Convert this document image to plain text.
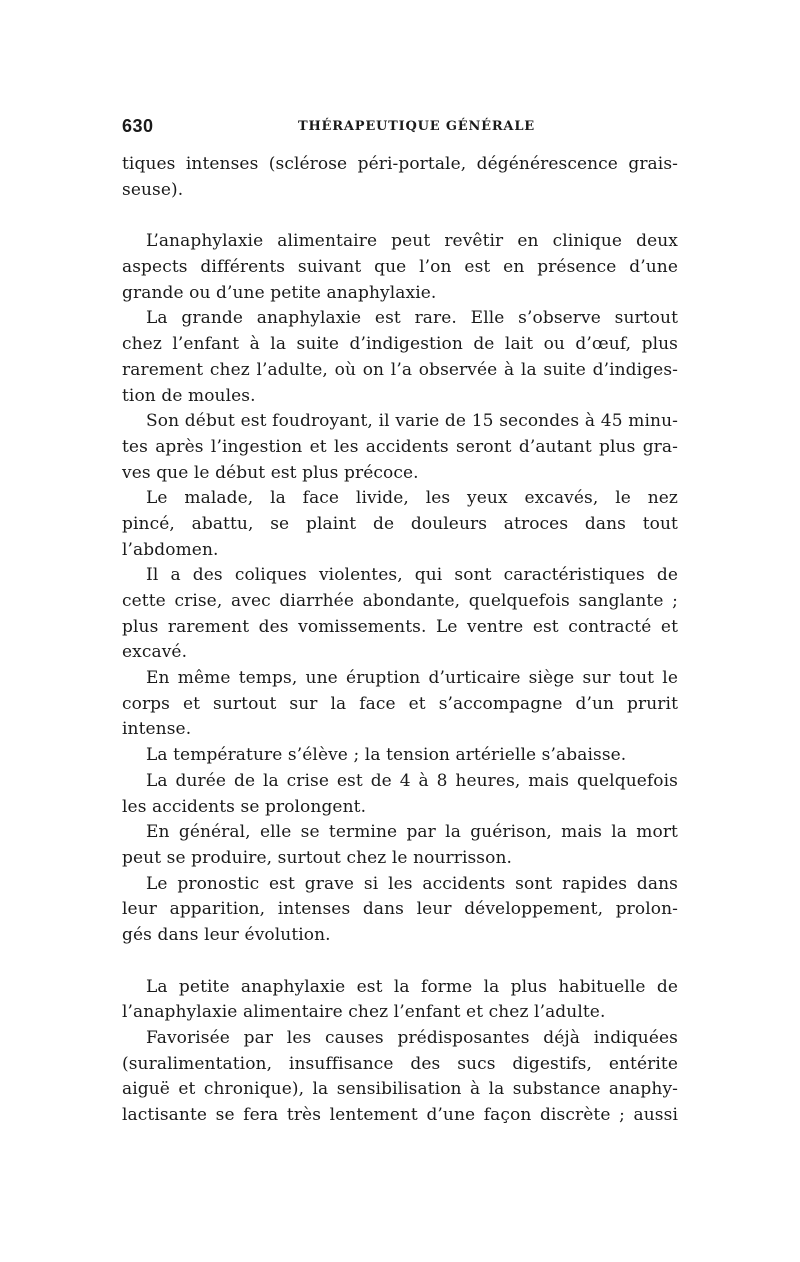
630	THÉRAPEUTIQUE GÉNÉRALE
tiques intenses (sclérose péri-portale, dégénérescence grais-
seuse).
L’anaphylaxie alimentaire peut revêtir en clinique deux
aspects différents suivant que l’on est en présence d’une
grande ou d’une petite anaphylaxie.
La grande anaphylaxie est rare. Elle s’observe surtout
chez l’enfant à la suite d’indigestion de lait ou d’œuf, plus
rarement chez l’adulte, où on l’a observée à la suite d’indiges-
tion de moules.
Son début est foudroyant, il varie de 15 secondes à 45 minu-
tes après l’ingestion et les accidents seront d’autant plus gra-
ves que le début est plus précoce.
Le malade, la face livide, les yeux excavés, le nez
pincé, abattu, se plaint de douleurs atroces dans tout
l’abdomen.
Il a des coliques violentes, qui sont caractéristiques de
cette crise, avec diarrhée abondante, quelquefois sanglante ;
plus rarement des vomissements. Le ventre est contracté et
excavé.
En même temps, une éruption d’urticaire siège sur tout le
corps et surtout sur la face et s’accompagne d’un prurit
intense.
La température s’élève ; la tension artérielle s’abaisse.
La durée de la crise est de 4 à 8 heures, mais quelquefois
les accidents se prolongent.
En général, elle se termine par la guérison, mais la mort
peut se produire, surtout chez le nourrisson.
Le pronostic est grave si les accidents sont rapides dans
leur apparition, intenses dans leur développement, prolon-
gés dans leur évolution.
La petite anaphylaxie est la forme la plus habituelle de
l’anaphylaxie alimentaire chez l’enfant et chez l’adulte.
Favorisée par les causes prédisposantes déjà indiquées
(suralimentation, insuffisance des sucs digestifs, entérite
aiguë et chronique), la sensibilisation à la substance anaphy-
lactisante se fera très lentement d’une façon discrète ; aussi
